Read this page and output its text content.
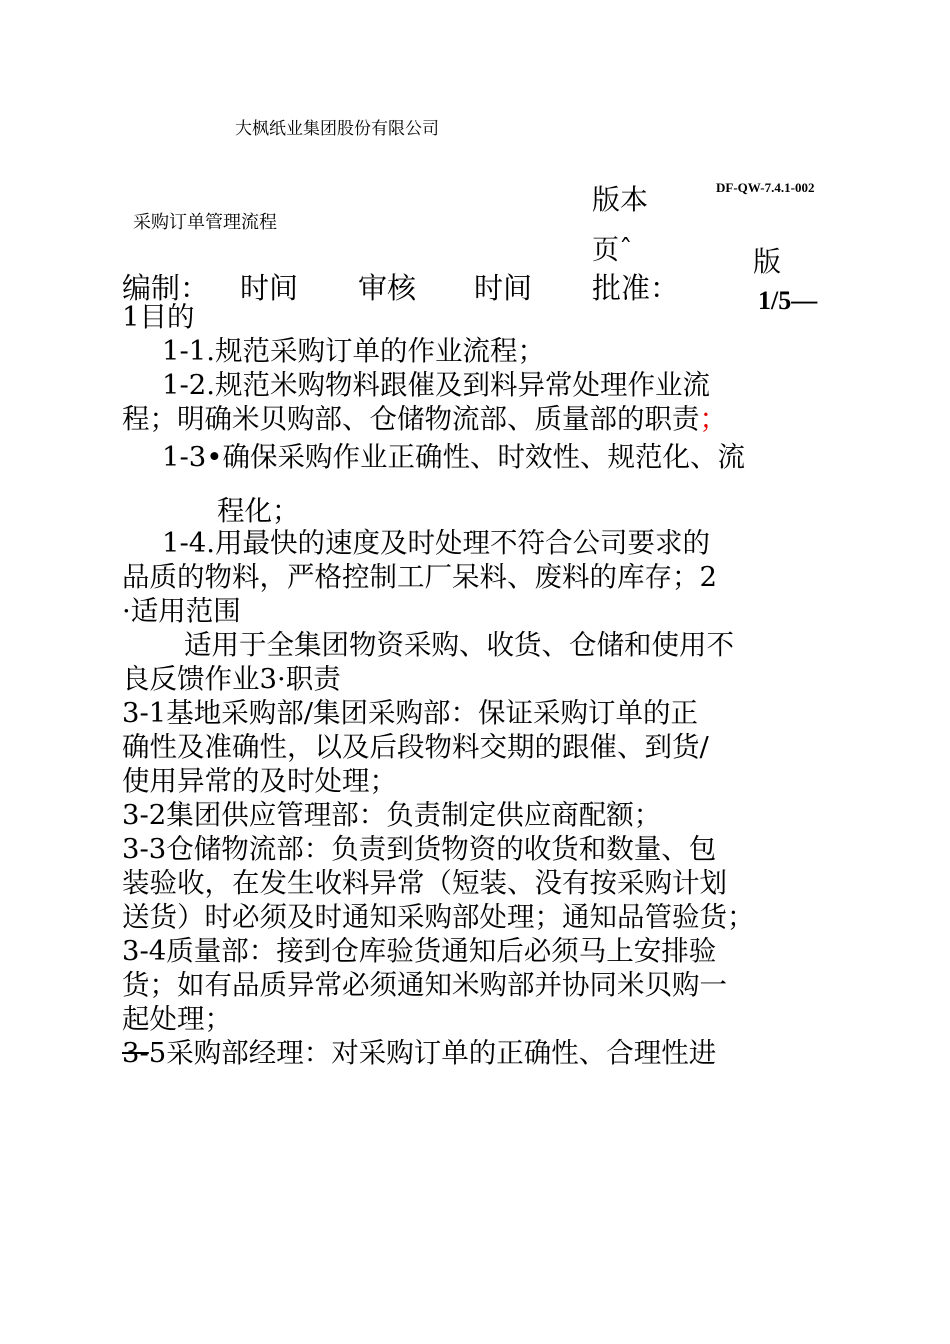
大枫纸业集团股份有限公司
采购订单管理流程
版本	DF-QW-7.4.1-002
页ˆ	版
编制： 时间 审核 时间 批准：	1/5—
1目的
1-1.规范采购订单的作业流程；
1-2.规范米购物料跟催及到料异常处理作业流
程；明确米贝购部、仓储物流部、质量部的职责；
1-3•确保采购作业正确性、时效性、规范化、流
程化；
1-4.用最快的速度及时处理不符合公司要求的
品质的物料，严格控制工厂呆料、废料的库存；2
·适用范围
适用于全集团物资采购、收货、仓储和使用不
良反馈作业3·职责
3-1基地采购部/集团采购部：保证采购订单的正
确性及准确性，以及后段物料交期的跟催、到货/
使用异常的及时处理；
3-2集团供应管理部：负责制定供应商配额；
3-3仓储物流部：负责到货物资的收货和数量、包
装验收，在发生收料异常（短装、没有按采购计划
送货）时必须及时通知采购部处理；通知品管验货；
3-4质量部：接到仓库验货通知后必须马上安排验
货；如有品质异常必须通知米购部并协同米贝购一
起处理；
3-5采购部经理：对采购订单的正确性、合理性进
